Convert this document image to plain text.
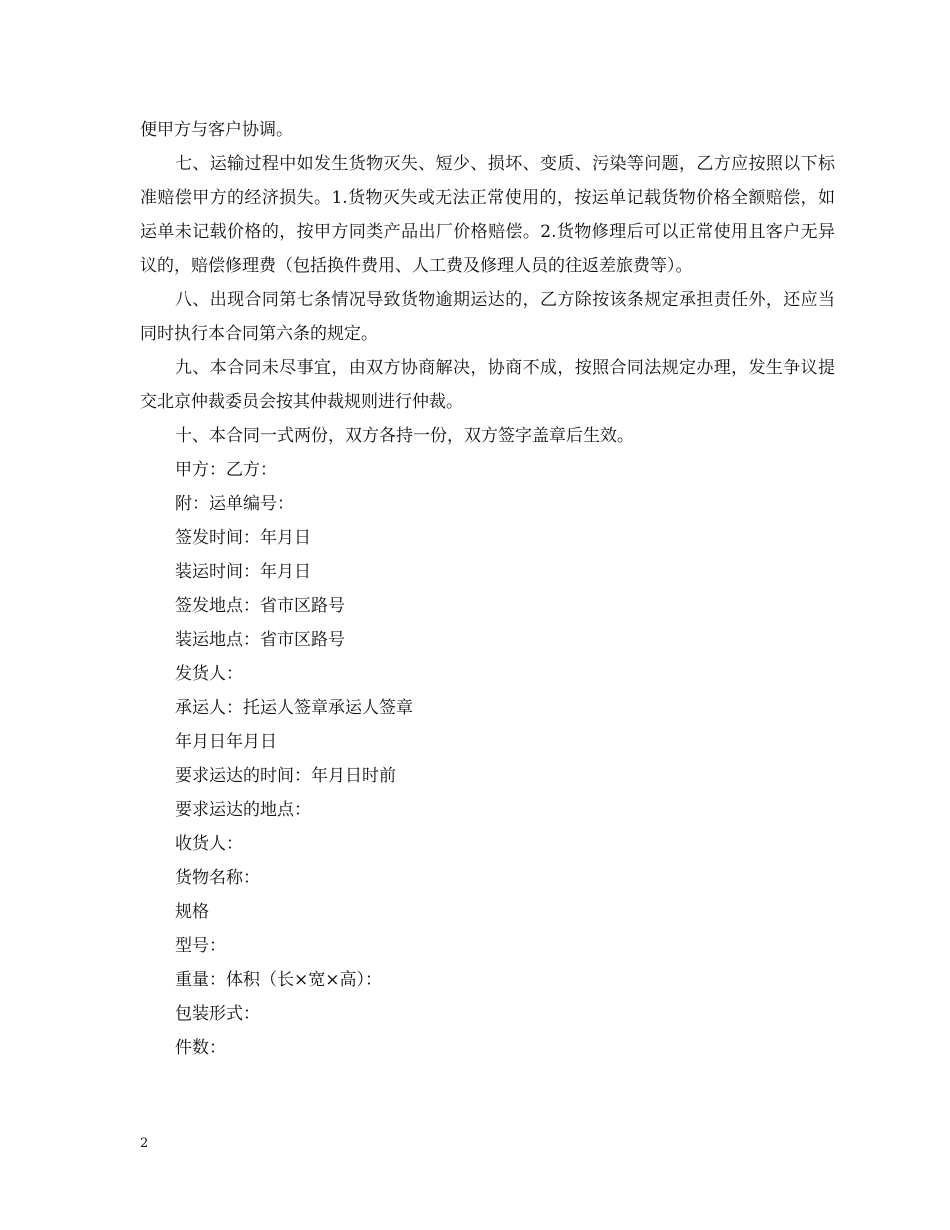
便甲方与客户协调。

七、运输过程中如发生货物灭失、短少、损坏、变质、污染等问题，乙方应按照以下标准赔偿甲方的经济损失。1.货物灭失或无法正常使用的，按运单记载货物价格全额赔偿，如运单未记载价格的，按甲方同类产品出厂价格赔偿。2.货物修理后可以正常使用且客户无异议的，赔偿修理费（包括换件费用、人工费及修理人员的往返差旅费等）。

八、出现合同第七条情况导致货物逾期运达的，乙方除按该条规定承担责任外，还应当同时执行本合同第六条的规定。

九、本合同未尽事宜，由双方协商解决，协商不成，按照合同法规定办理，发生争议提交北京仲裁委员会按其仲裁规则进行仲裁。

十、本合同一式两份，双方各持一份，双方签字盖章后生效。

甲方：乙方：

附：运单编号：

签发时间：年月日

装运时间：年月日

签发地点：省市区路号

装运地点：省市区路号

发货人：

承运人：托运人签章承运人签章

年月日年月日

要求运达的时间：年月日时前

要求运达的地点：

收货人：

货物名称：

规格

型号：

重量：体积（长×宽×高）：

包装形式：

件数：

2
